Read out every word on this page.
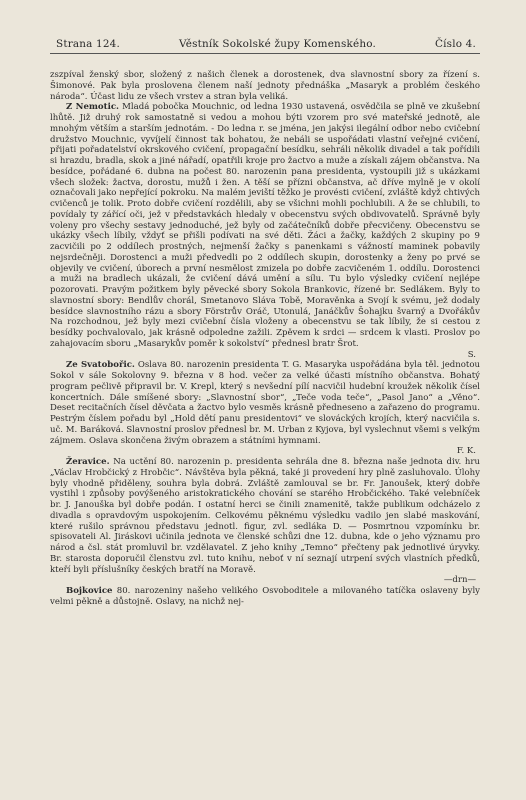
Strana 124.	Věstník Sokolské župy Komenského.	Číslo 4.

zszpíval ženský sbor, složený z našich členek a dorostenek, dva slavnostní sbory za řízení s. Šimonové. Pak byla proslovena členem naší jednoty přednáška „Masaryk a problém českého národa“. Účast lidu ze všech vrstev a stran byla veliká.

Z Nemotic. Mladá pobočka Mouchnic, od ledna 1930 ustavená, osvědčila se plně ve zkušební lhůtě. Již druhý rok samostatně si vedou a mohou býti vzorem pro své mateřské jednotě, ale mnohým větším a starším jednotám. - Do ledna r. se jména, jen jakýsi ilegální odbor nebo cvičební družstvo Mouchnic, vyvíjelí činnost tak bohatou, že nebáli se uspořádati vlastní veřejné cvičení, přijati pořadatelství okrskového cvičení, propagační besídku, sehráli několik divadel a tak pořídili si hrazdu, bradla, skok a jiné nářadí, opatřili kroje pro žactvo a muže a získali zájem občanstva. Na besídce, pořádané 6. dubna na počest 80. narozenin pana presidenta, vystoupili již s ukázkami všech složek: žactva, dorostu, mužů i žen. A těší se přízni občanstva, ač dříve mylně je v okolí označovali jako nepřející pokroku. Na malém jeviští těžko je provésti cvičení, zvláště když chtivých cvičenců je tolik. Proto dobře cvičení rozdělili, aby se všichni mohli pochlubili. A že se chlubili, to povídaly ty zářící oči, jež v představkách hledaly v obecenstvu svých obdivovatelů. Správně byly voleny pro všechy sestavy jednoduché, jež byly od začátečníků dobře přecvičeny. Obecenstvu se ukázky všech líbily, vždyť se přišli podívati na své děti. Žáci a žačky, každých 2 skupiny po 9 zacvičili po 2 oddílech prostných, nejmenší žačky s panenkami s vážností maminek pobavily nejsrdečněji. Dorostenci a muži předvedli po 2 oddílech skupin, dorostenky a ženy po prvé se objevily ve cvičení, úborech a první nesmělost zmizela po dobře zacvičeném 1. oddílu. Dorostenci a muži na bradlech ukázali, že cvičení dává umění a sílu. Tu bylo výsledky cvičení nejlépe pozorovati. Pravým požitkem byly pěvecké sbory Sokola Brankovic, řízené br. Sedlákem. Byly to slavnostní sbory: Bendlův chorál, Smetanovo Sláva Tobě, Moravěnka a Svojí k svému, jež dodaly besídce slavnostního rázu a sbory Förstrův Oráč, Utonulá, Janáčkův Šohajku švarný a Dvořákův Na rozchodnou, jež byly mezi cvičební čísla vloženy a obecenstvu se tak líbily, že si cestou z besídky pochvalovalo, jak krásně odpoledne zažili. Zpěvem k srdci — srdcem k vlasti. Proslov po zahajovacím sboru „Masarykův poměr k sokolství“ přednesl bratr Šrot.

S.

Ze Svatobořic. Oslava 80. narozenin presidenta T. G. Masaryka uspořádána byla těl. jednotou Sokol v sále Sokolovny 9. března v 8 hod. večer za velké účasti místního občanstva. Bohatý program pečlivě připravil br. V. Krepl, který s nevšední pílí nacvičil hudební kroužek několik čísel koncertních. Dále smíšené sbory: „Slavnostní sbor“, „Teče voda teče“, „Pasol Jano“ a „Věno“. Deset recitačních čísel děvčata a žactvo bylo vesměs krásně předneseno a zařazeno do programu. Pestrým číslem pořadu byl „Hold dětí panu presidentovi“ ve slováckých krojích, který nacvičila s. uč. M. Baráková. Slavnostní proslov přednesl br. M. Urban z Kyjova, byl vyslechnut všemi s velkým zájmem. Oslava skončena živým obrazem a státními hymnami.

F. K.

Žeravice. Na uctění 80. narozenin p. presidenta sehrála dne 8. března naše jednota div. hru „Václav Hrobčický z Hrobčic“. Návštěva byla pěkná, také ji provedení hry plně zasluhovalo. Úlohy byly vhodně přiděleny, souhra byla dobrá. Zvláště zamlouval se br. Fr. Janoušek, který dobře vystihl i způsoby povýšeného aristokratického chování se starého Hrobčického. Také velebníček br. J. Janouška byl dobře podán. I ostatní herci se činili znamenitě, takže publikum odcházelo z divadla s opravdovým uspokojením. Celkovému pěknému výsledku vadilo jen slabé maskování, které rušilo správnou představu jednotl. figur, zvl. sedláka D. — Posmrtnou vzpomínku br. spisovateli Al. Jiráskovi učinila jednota ve členské schůzi dne 12. dubna, kde o jeho významu pro národ a čsl. stát promluvil br. vzdělavatel. Z jeho knihy „Temno“ přečteny pak jednotlivé úryvky. Br. starosta doporučil členstvu zvl. tuto knihu, neboť v ní seznají utrpení svých vlastních předků, kteří byli příslušníky českých bratří na Moravě.

—drn—

Bojkovice 80. narozeniny našeho velikého Osvoboditele a milovaného tatíčka oslaveny byly velmi pěkně a důstojně. Oslavy, na nichž nej-
